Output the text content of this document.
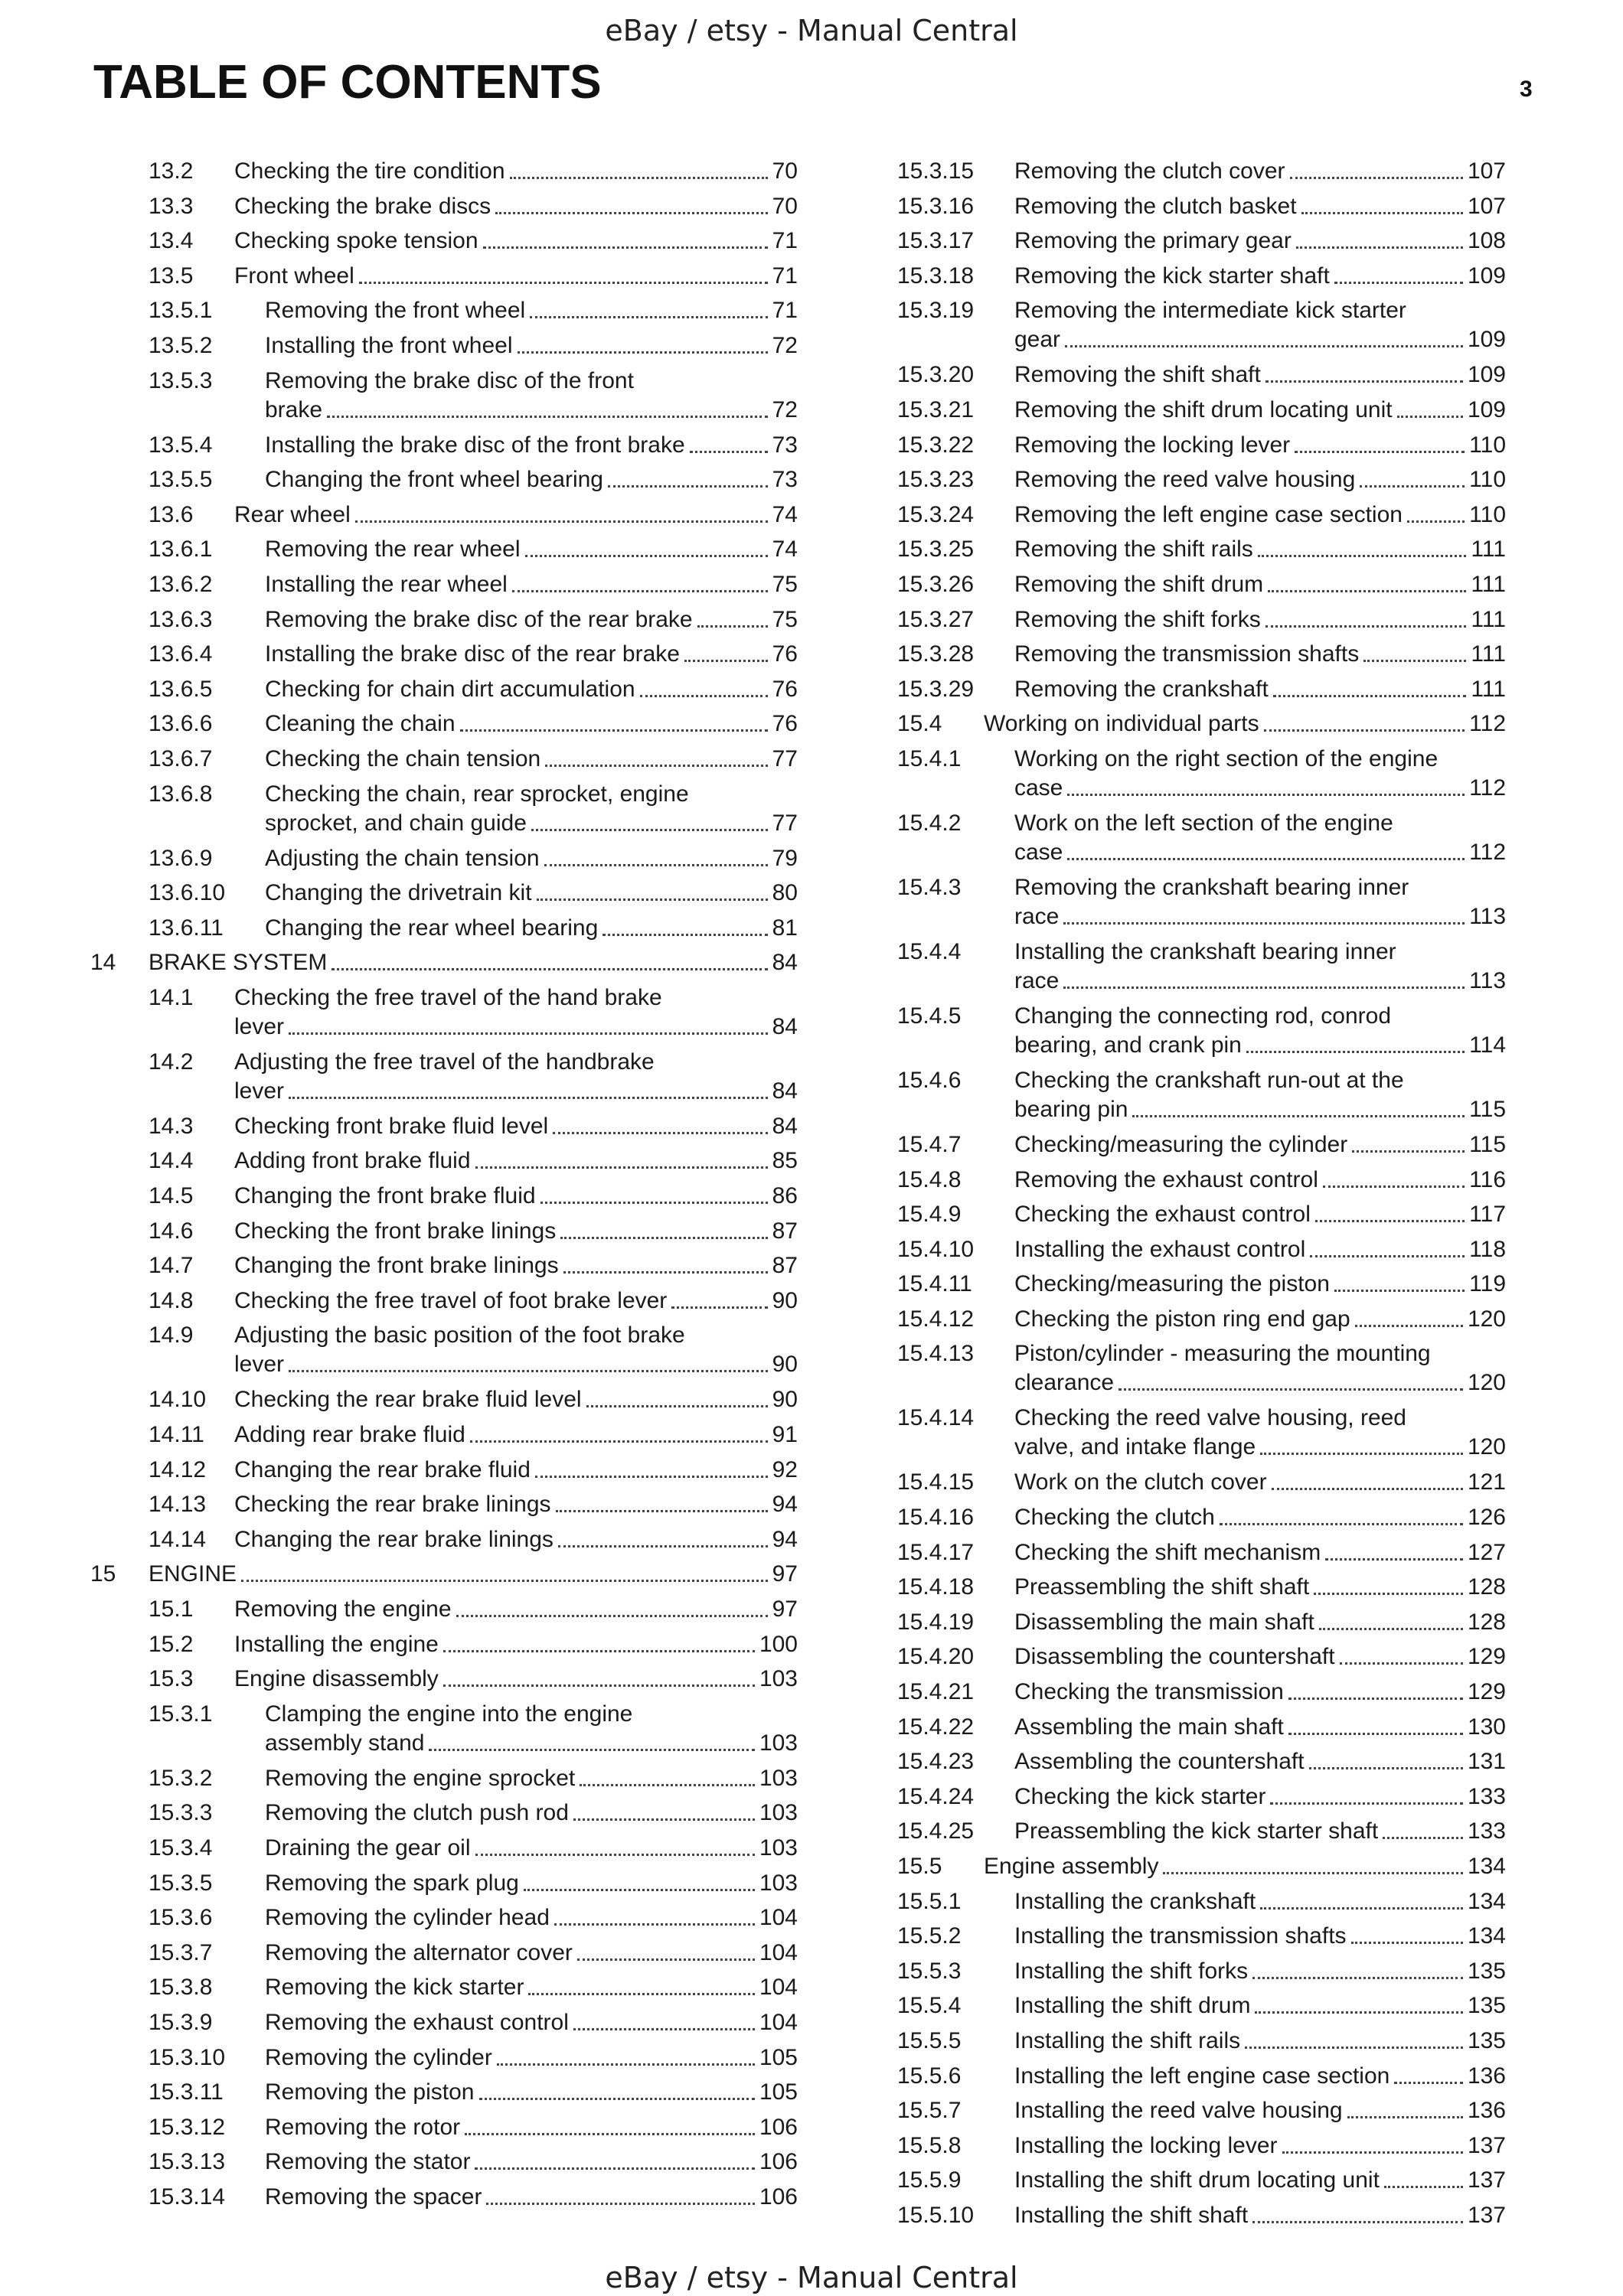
eBay / etsy - Manual Central
TABLE OF CONTENTS	3
13.2 Checking the tire condition	70
13.3 Checking the brake discs	70
13.4 Checking spoke tension	71
13.5 Front wheel	71
13.5.1 Removing the front wheel	71
13.5.2 Installing the front wheel	72
13.5.3 Removing the brake disc of the front
brake	72
13.5.4 Installing the brake disc of the front brake	73
13.5.5 Changing the front wheel bearing	73
13.6 Rear wheel	74
13.6.1 Removing the rear wheel	74
13.6.2 Installing the rear wheel	75
13.6.3 Removing the brake disc of the rear brake	75
13.6.4 Installing the brake disc of the rear brake	76
13.6.5 Checking for chain dirt accumulation	76
13.6.6 Cleaning the chain	76
13.6.7 Checking the chain tension	77
13.6.8 Checking the chain, rear sprocket, engine
sprocket, and chain guide	77
13.6.9 Adjusting the chain tension	79
13.6.10 Changing the drivetrain kit	80
13.6.11 Changing the rear wheel bearing	81
14 BRAKE SYSTEM	84
14.1 Checking the free travel of the hand brake
lever	84
14.2 Adjusting the free travel of the handbrake
lever	84
14.3 Checking front brake fluid level	84
14.4 Adding front brake fluid	85
14.5 Changing the front brake fluid	86
14.6 Checking the front brake linings	87
14.7 Changing the front brake linings	87
14.8 Checking the free travel of foot brake lever	90
14.9 Adjusting the basic position of the foot brake
lever	90
14.10 Checking the rear brake fluid level	90
14.11 Adding rear brake fluid	91
14.12 Changing the rear brake fluid	92
14.13 Checking the rear brake linings	94
14.14 Changing the rear brake linings	94
15 ENGINE	97
15.1 Removing the engine	97
15.2 Installing the engine	100
15.3 Engine disassembly	103
15.3.1 Clamping the engine into the engine
assembly stand	103
15.3.2 Removing the engine sprocket	103
15.3.3 Removing the clutch push rod	103
15.3.4 Draining the gear oil	103
15.3.5 Removing the spark plug	103
15.3.6 Removing the cylinder head	104
15.3.7 Removing the alternator cover	104
15.3.8 Removing the kick starter	104
15.3.9 Removing the exhaust control	104
15.3.10 Removing the cylinder	105
15.3.11 Removing the piston	105
15.3.12 Removing the rotor	106
15.3.13 Removing the stator	106
15.3.14 Removing the spacer	106
15.3.15 Removing the clutch cover	107
15.3.16 Removing the clutch basket	107
15.3.17 Removing the primary gear	108
15.3.18 Removing the kick starter shaft	109
15.3.19 Removing the intermediate kick starter
gear	109
15.3.20 Removing the shift shaft	109
15.3.21 Removing the shift drum locating unit	109
15.3.22 Removing the locking lever	110
15.3.23 Removing the reed valve housing	110
15.3.24 Removing the left engine case section	110
15.3.25 Removing the shift rails	111
15.3.26 Removing the shift drum	111
15.3.27 Removing the shift forks	111
15.3.28 Removing the transmission shafts	111
15.3.29 Removing the crankshaft	111
15.4 Working on individual parts	112
15.4.1 Working on the right section of the engine
case	112
15.4.2 Work on the left section of the engine
case	112
15.4.3 Removing the crankshaft bearing inner
race	113
15.4.4 Installing the crankshaft bearing inner
race	113
15.4.5 Changing the connecting rod, conrod
bearing, and crank pin	114
15.4.6 Checking the crankshaft run-out at the
bearing pin	115
15.4.7 Checking/measuring the cylinder	115
15.4.8 Removing the exhaust control	116
15.4.9 Checking the exhaust control	117
15.4.10 Installing the exhaust control	118
15.4.11 Checking/measuring the piston	119
15.4.12 Checking the piston ring end gap	120
15.4.13 Piston/cylinder - measuring the mounting
clearance	120
15.4.14 Checking the reed valve housing, reed
valve, and intake flange	120
15.4.15 Work on the clutch cover	121
15.4.16 Checking the clutch	126
15.4.17 Checking the shift mechanism	127
15.4.18 Preassembling the shift shaft	128
15.4.19 Disassembling the main shaft	128
15.4.20 Disassembling the countershaft	129
15.4.21 Checking the transmission	129
15.4.22 Assembling the main shaft	130
15.4.23 Assembling the countershaft	131
15.4.24 Checking the kick starter	133
15.4.25 Preassembling the kick starter shaft	133
15.5 Engine assembly	134
15.5.1 Installing the crankshaft	134
15.5.2 Installing the transmission shafts	134
15.5.3 Installing the shift forks	135
15.5.4 Installing the shift drum	135
15.5.5 Installing the shift rails	135
15.5.6 Installing the left engine case section	136
15.5.7 Installing the reed valve housing	136
15.5.8 Installing the locking lever	137
15.5.9 Installing the shift drum locating unit	137
15.5.10 Installing the shift shaft	137
eBay / etsy - Manual Central
